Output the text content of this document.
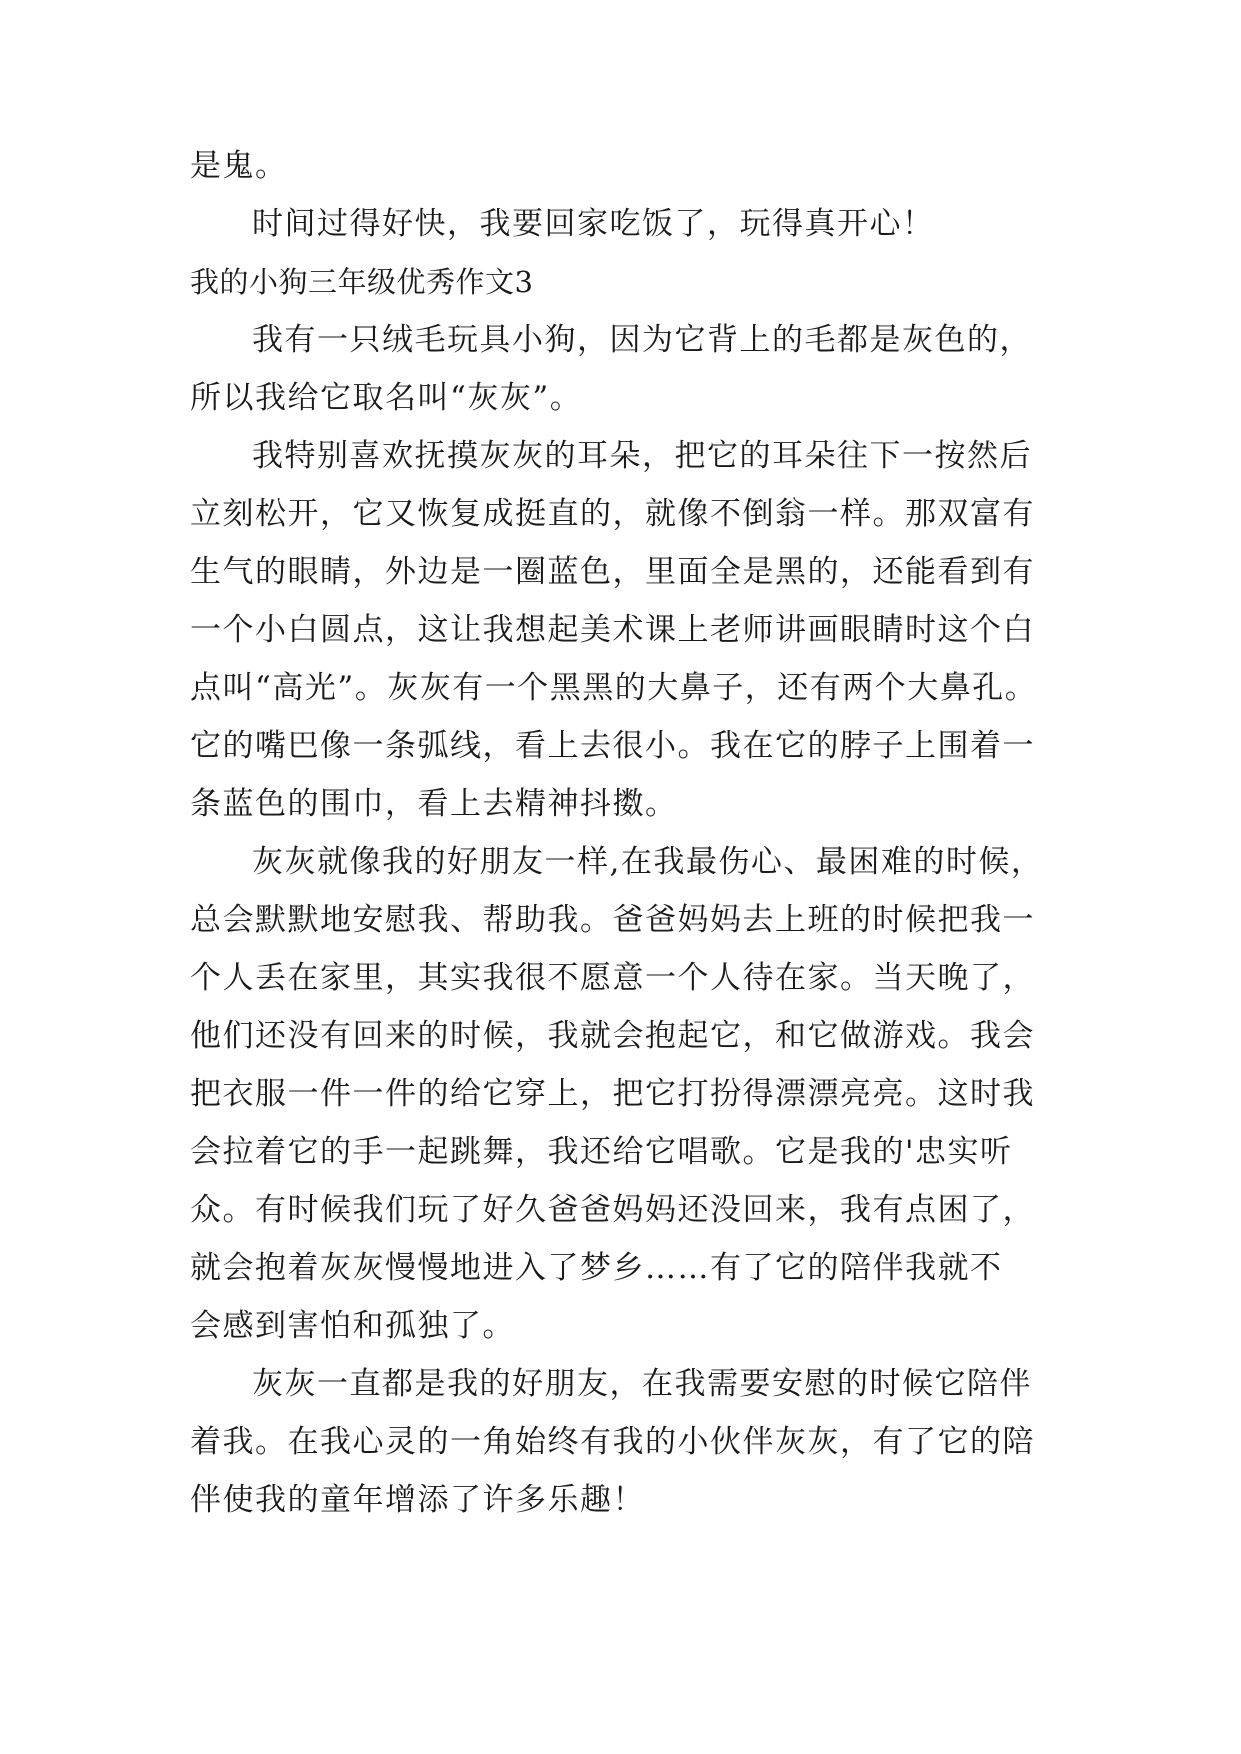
是鬼。
时间过得好快，我要回家吃饭了，玩得真开心！
我的小狗三年级优秀作文3
我有一只绒毛玩具小狗，因为它背上的毛都是灰色的，
所以我给它取名叫“灰灰”。
我特别喜欢抚摸灰灰的耳朵，把它的耳朵往下一按然后
立刻松开，它又恢复成挺直的，就像不倒翁一样。那双富有
生气的眼睛，外边是一圈蓝色，里面全是黑的，还能看到有
一个小白圆点，这让我想起美术课上老师讲画眼睛时这个白
点叫“高光”。灰灰有一个黑黑的大鼻子，还有两个大鼻孔。
它的嘴巴像一条弧线，看上去很小。我在它的脖子上围着一
条蓝色的围巾，看上去精神抖擞。
灰灰就像我的好朋友一样,在我最伤心、最困难的时候，
总会默默地安慰我、帮助我。爸爸妈妈去上班的时候把我一
个人丢在家里，其实我很不愿意一个人待在家。当天晚了，
他们还没有回来的时候，我就会抱起它，和它做游戏。我会
把衣服一件一件的给它穿上，把它打扮得漂漂亮亮。这时我
会拉着它的手一起跳舞，我还给它唱歌。它是我的'忠实听
众。有时候我们玩了好久爸爸妈妈还没回来，我有点困了，
就会抱着灰灰慢慢地进入了梦乡……有了它的陪伴我就不
会感到害怕和孤独了。
灰灰一直都是我的好朋友，在我需要安慰的时候它陪伴
着我。在我心灵的一角始终有我的小伙伴灰灰，有了它的陪
伴使我的童年增添了许多乐趣！
